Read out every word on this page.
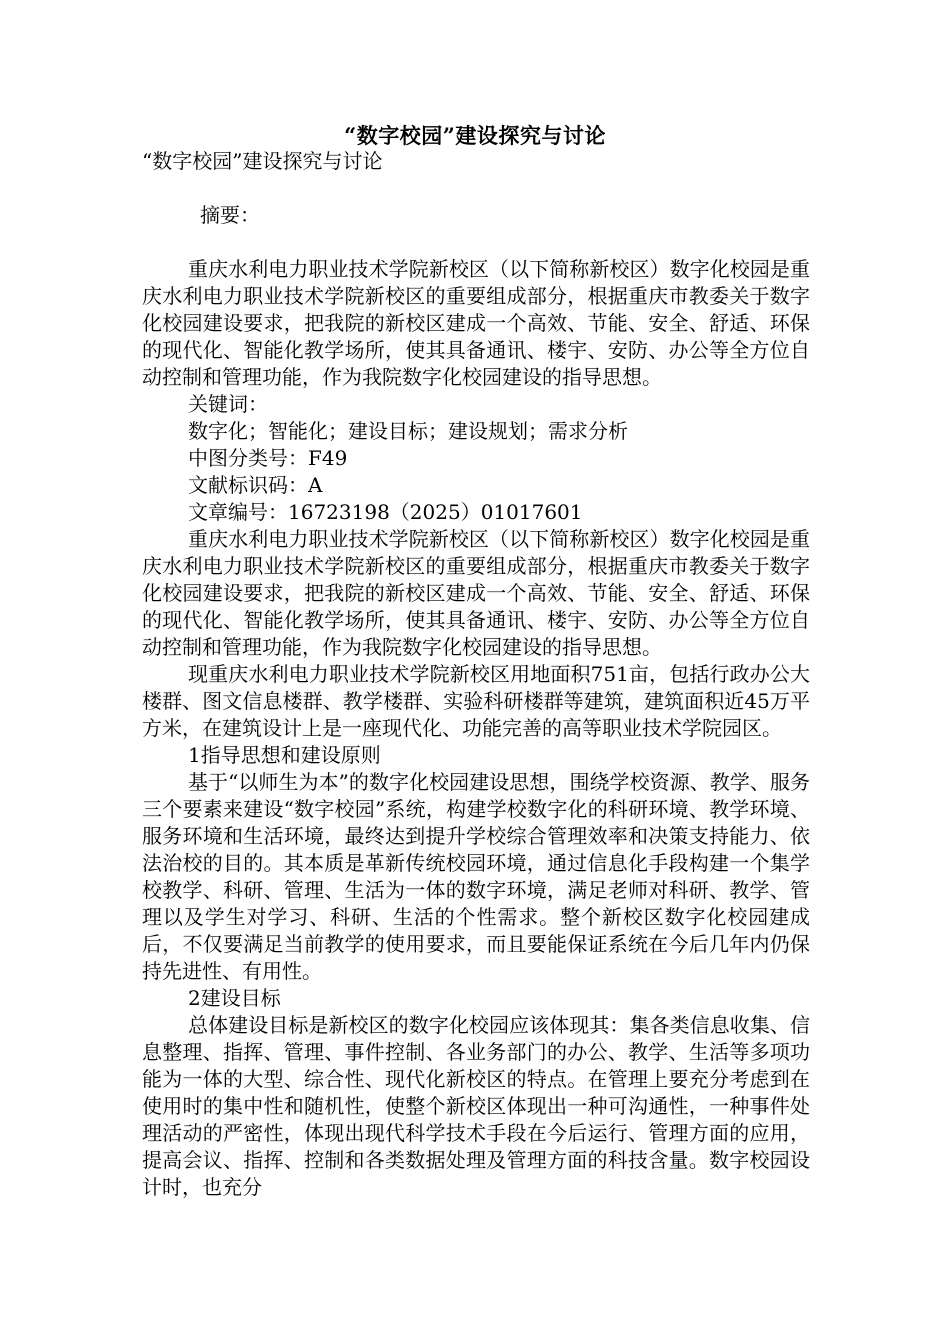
“数字校园”建设探究与讨论

“数字校园”建设探究与讨论

摘要：

重庆水利电力职业技术学院新校区（以下简称新校区）数字化校园是重庆水利电力职业技术学院新校区的重要组成部分，根据重庆市教委关于数字化校园建设要求，把我院的新校区建成一个高效、节能、安全、舒适、环保的现代化、智能化教学场所，使其具备通讯、楼宇、安防、办公等全方位自动控制和管理功能，作为我院数字化校园建设的指导思想。

关键词：

数字化；智能化；建设目标；建设规划；需求分析

中图分类号：F49

文献标识码：A

文章编号：16723198（2025）01017601

重庆水利电力职业技术学院新校区（以下简称新校区）数字化校园是重庆水利电力职业技术学院新校区的重要组成部分，根据重庆市教委关于数字化校园建设要求，把我院的新校区建成一个高效、节能、安全、舒适、环保的现代化、智能化教学场所，使其具备通讯、楼宇、安防、办公等全方位自动控制和管理功能，作为我院数字化校园建设的指导思想。

现重庆水利电力职业技术学院新校区用地面积751亩，包括行政办公大楼群、图文信息楼群、教学楼群、实验科研楼群等建筑，建筑面积近45万平方米，在建筑设计上是一座现代化、功能完善的高等职业技术学院园区。

1指导思想和建设原则

基于“以师生为本”的数字化校园建设思想，围绕学校资源、教学、服务三个要素来建设“数字校园”系统，构建学校数字化的科研环境、教学环境、服务环境和生活环境，最终达到提升学校综合管理效率和决策支持能力、依法治校的目的。其本质是革新传统校园环境，通过信息化手段构建一个集学校教学、科研、管理、生活为一体的数字环境，满足老师对科研、教学、管理以及学生对学习、科研、生活的个性需求。整个新校区数字化校园建成后，不仅要满足当前教学的使用要求，而且要能保证系统在今后几年内仍保持先进性、有用性。

2建设目标

总体建设目标是新校区的数字化校园应该体现其：集各类信息收集、信息整理、指挥、管理、事件控制、各业务部门的办公、教学、生活等多项功能为一体的大型、综合性、现代化新校区的特点。在管理上要充分考虑到在使用时的集中性和随机性，使整个新校区体现出一种可沟通性，一种事件处理活动的严密性，体现出现代科学技术手段在今后运行、管理方面的应用，提高会议、指挥、控制和各类数据处理及管理方面的科技含量。数字校园设计时，也充分
